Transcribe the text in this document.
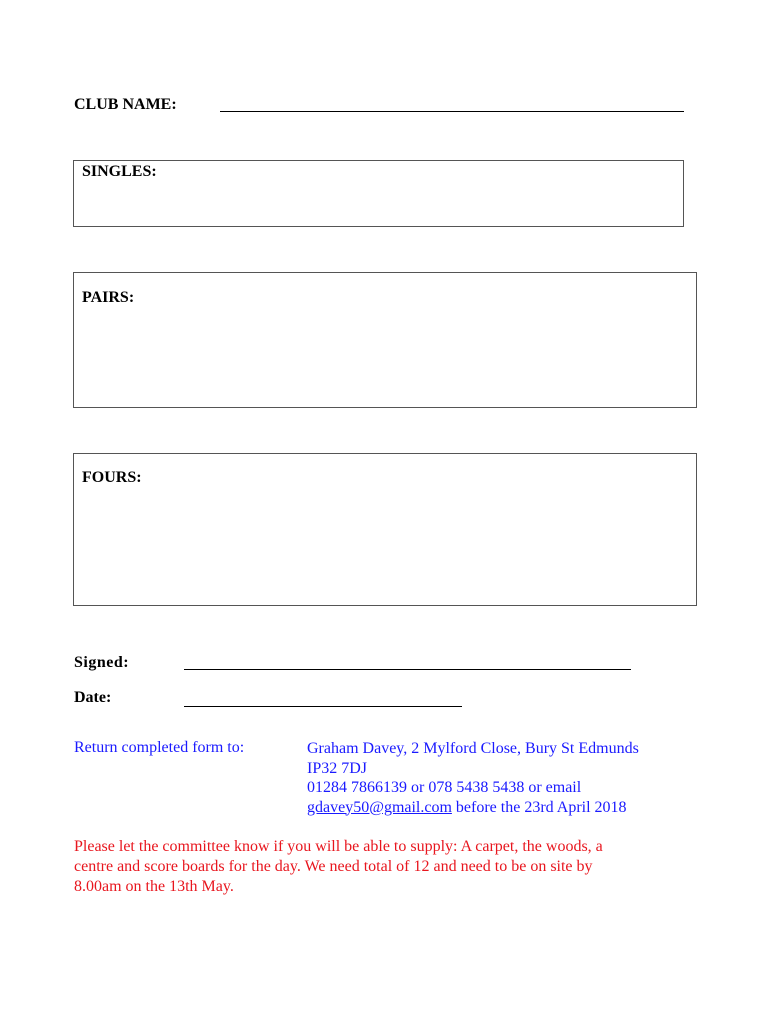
CLUB NAME:
SINGLES:
PAIRS:
FOURS:
Signed:
Date:
Return completed form to:	Graham Davey, 2 Mylford Close, Bury St Edmunds
IP32 7DJ
01284 7866139 or 078 5438 5438 or email
gdavey50@gmail.com before the 23rd April 2018
Please let the committee know if you will be able to supply: A carpet, the woods, a
centre and score boards for the day. We need total of 12 and need to be on site by
8.00am on the 13th May.
